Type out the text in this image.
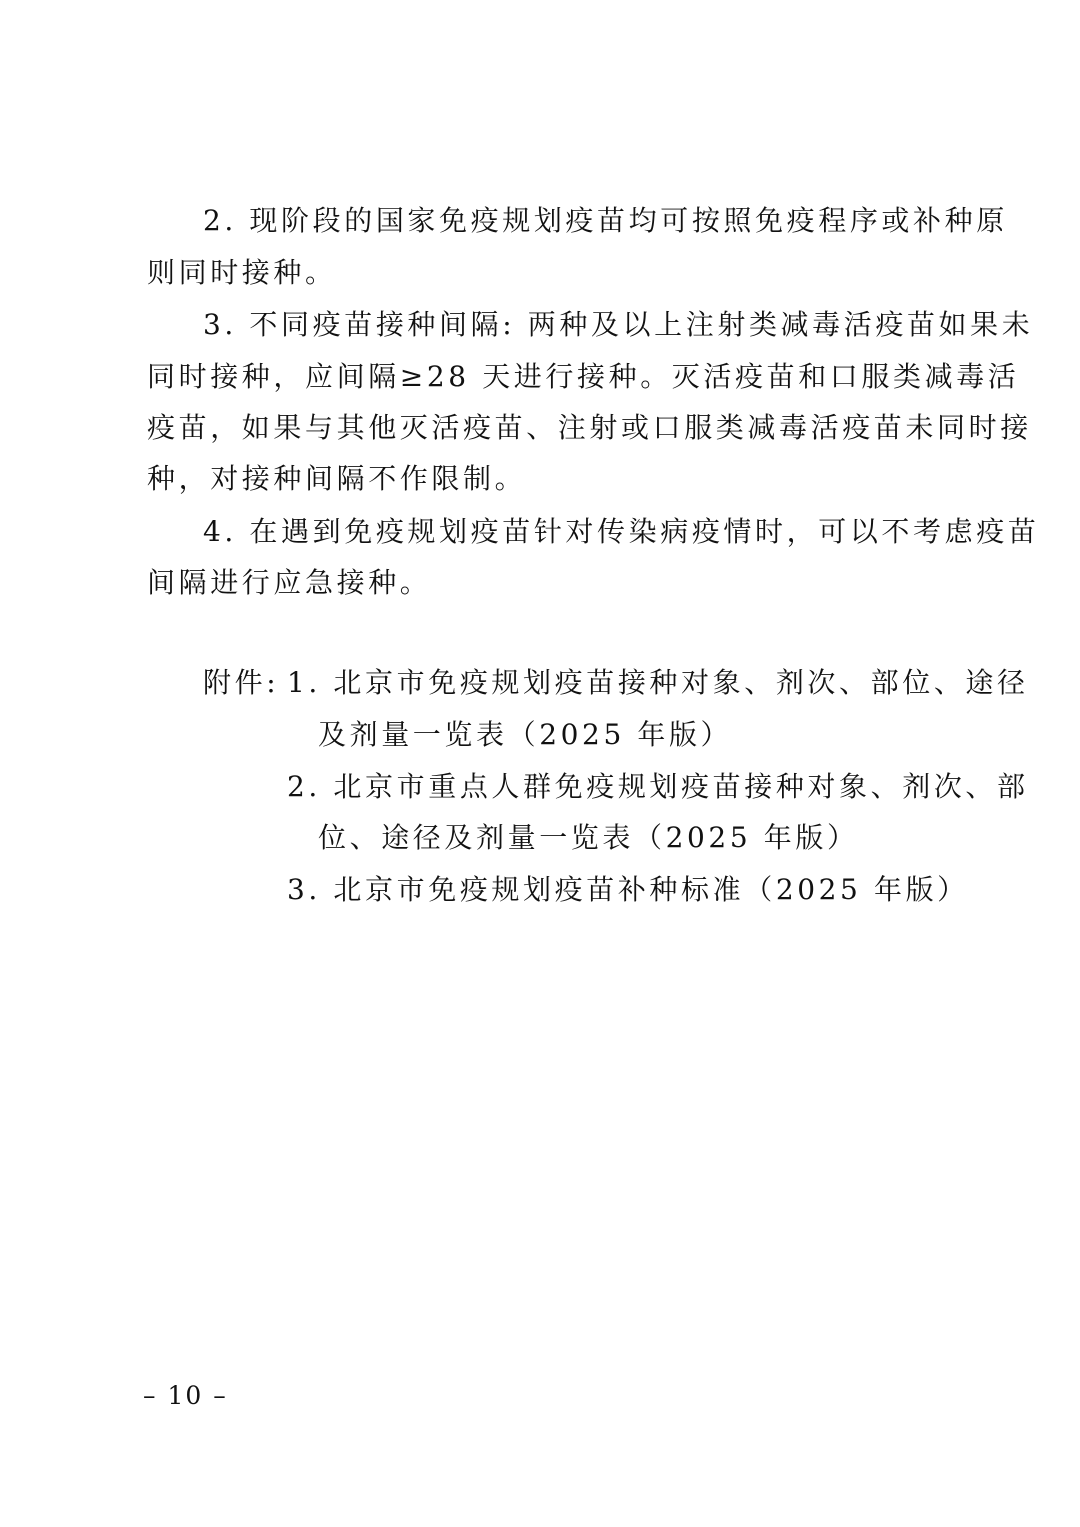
2. 现阶段的国家免疫规划疫苗均可按照免疫程序或补种原
则同时接种。
3. 不同疫苗接种间隔: 两种及以上注射类减毒活疫苗如果未
同时接种，应间隔≥28 天进行接种。灭活疫苗和口服类减毒活
疫苗，如果与其他灭活疫苗、注射或口服类减毒活疫苗未同时接
种，对接种间隔不作限制。
4. 在遇到免疫规划疫苗针对传染病疫情时，可以不考虑疫苗
间隔进行应急接种。
附件: 1. 北京市免疫规划疫苗接种对象、剂次、部位、途径
及剂量一览表（2025 年版）
2. 北京市重点人群免疫规划疫苗接种对象、剂次、部
位、途径及剂量一览表（2025 年版）
3. 北京市免疫规划疫苗补种标准（2025 年版）
– 10 –
